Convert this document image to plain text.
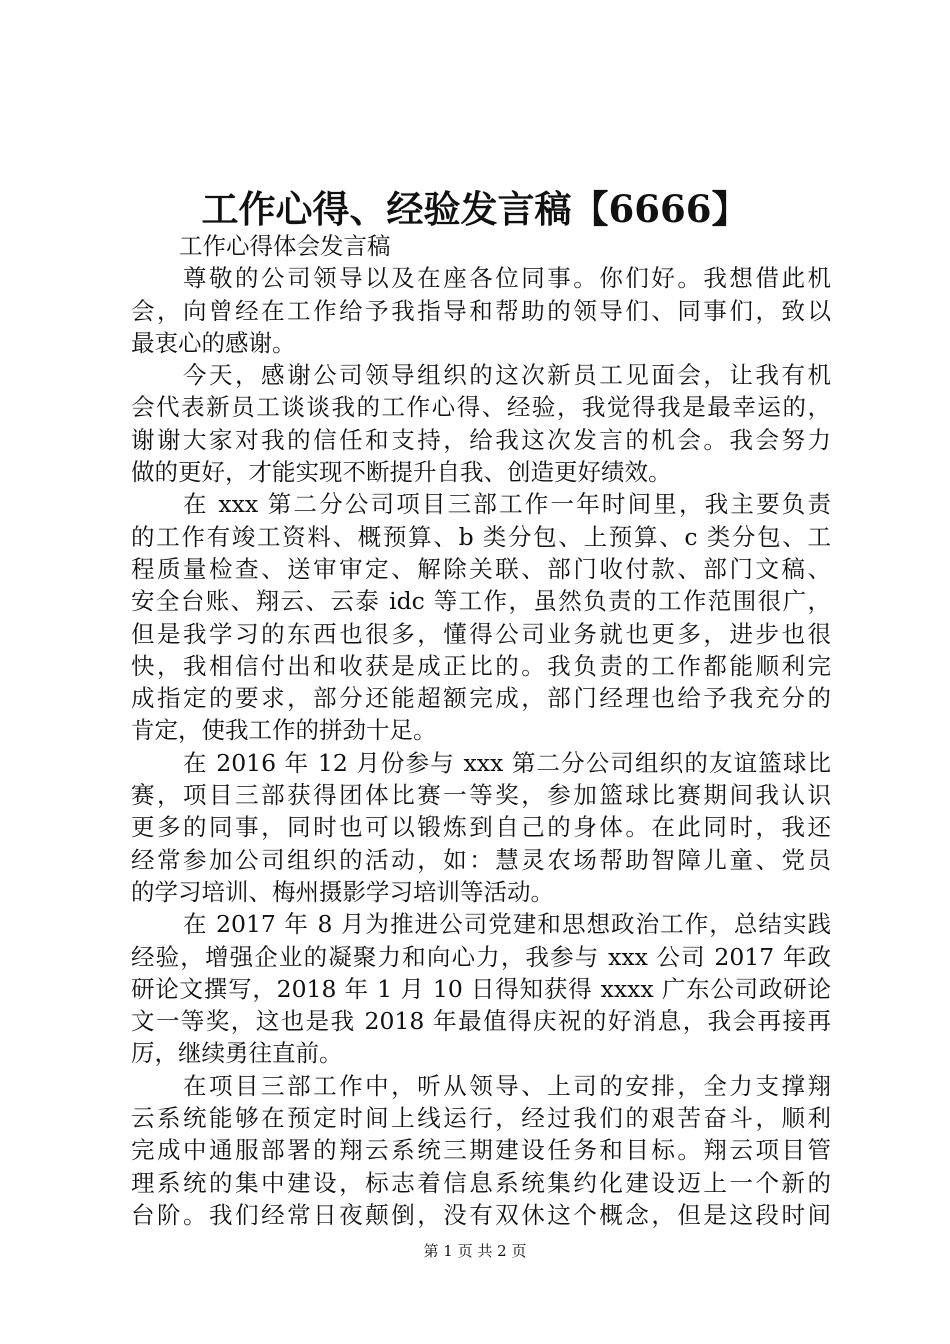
工作心得、经验发言稿【6666】
工作心得体会发言稿
尊敬的公司领导以及在座各位同事。你们好。我想借此机
会，向曾经在工作给予我指导和帮助的领导们、同事们，致以
最衷心的感谢。
今天，感谢公司领导组织的这次新员工见面会，让我有机
会代表新员工谈谈我的工作心得、经验，我觉得我是最幸运的，
谢谢大家对我的信任和支持，给我这次发言的机会。我会努力
做的更好，才能实现不断提升自我、创造更好绩效。
在 xxx 第二分公司项目三部工作一年时间里，我主要负责
的工作有竣工资料、概预算、b 类分包、上预算、c 类分包、工
程质量检查、送审审定、解除关联、部门收付款、部门文稿、
安全台账、翔云、云泰 idc 等工作，虽然负责的工作范围很广，
但是我学习的东西也很多，懂得公司业务就也更多，进步也很
快，我相信付出和收获是成正比的。我负责的工作都能顺利完
成指定的要求，部分还能超额完成，部门经理也给予我充分的
肯定，使我工作的拼劲十足。
在 2016 年 12 月份参与 xxx 第二分公司组织的友谊篮球比
赛，项目三部获得团体比赛一等奖，参加篮球比赛期间我认识
更多的同事，同时也可以锻炼到自己的身体。在此同时，我还
经常参加公司组织的活动，如：慧灵农场帮助智障儿童、党员
的学习培训、梅州摄影学习培训等活动。
在 2017 年 8 月为推进公司党建和思想政治工作，总结实践
经验，增强企业的凝聚力和向心力，我参与 xxx 公司 2017 年政
研论文撰写，2018 年 1 月 10 日得知获得 xxxx 广东公司政研论
文一等奖，这也是我 2018 年最值得庆祝的好消息，我会再接再
厉，继续勇往直前。
在项目三部工作中，听从领导、上司的安排，全力支撑翔
云系统能够在预定时间上线运行，经过我们的艰苦奋斗，顺利
完成中通服部署的翔云系统三期建设任务和目标。翔云项目管
理系统的集中建设，标志着信息系统集约化建设迈上一个新的
台阶。我们经常日夜颠倒，没有双休这个概念，但是这段时间
第 1 页 共 2 页
